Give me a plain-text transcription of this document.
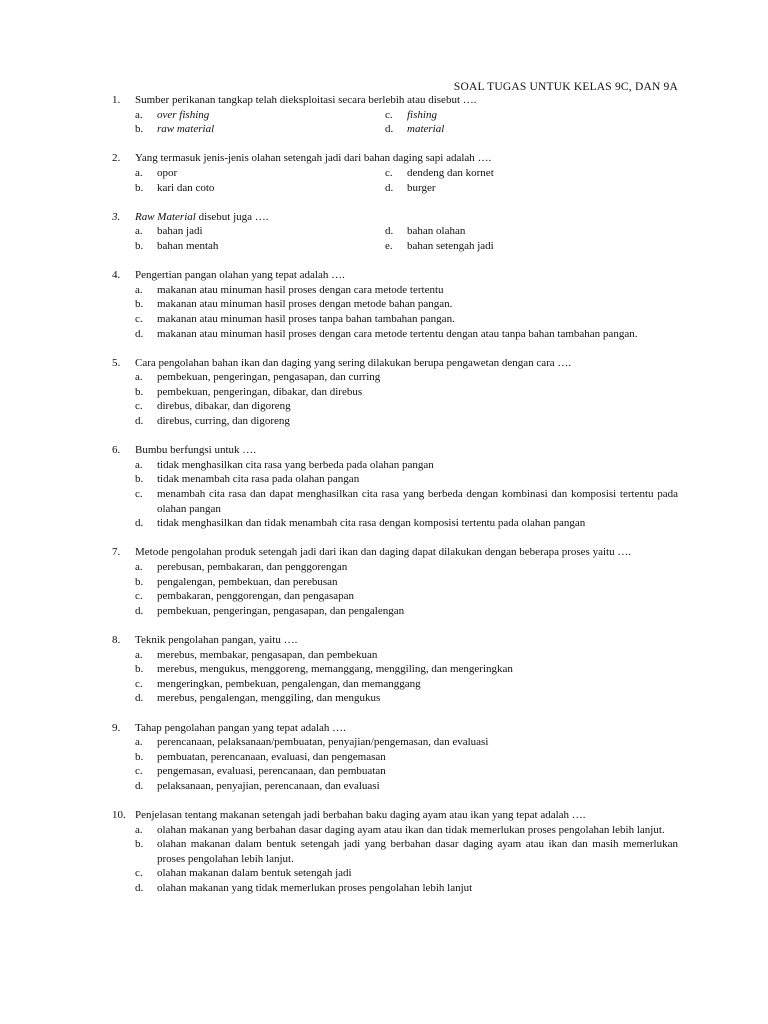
SOAL TUGAS UNTUK KELAS 9C, DAN 9A
1.	Sumber perikanan tangkap telah dieksploitasi secara berlebih atau disebut ….
a.	over fishing	c.	fishing
b.	raw material	d.	material
2.	Yang termasuk jenis-jenis olahan setengah jadi dari bahan daging sapi adalah ….
a.	opor	c.	dendeng dan kornet
b.	kari dan coto	d.	burger
3.	Raw Material disebut juga ….
a.	bahan jadi	d.	bahan olahan
b.	bahan mentah	e.	bahan setengah jadi
4.	Pengertian pangan olahan yang tepat adalah ….
a.	makanan atau minuman hasil proses dengan cara metode tertentu
b.	makanan atau minuman hasil proses dengan metode bahan pangan.
c.	makanan atau minuman hasil proses tanpa bahan tambahan pangan.
d.	makanan atau minuman hasil proses dengan cara metode tertentu dengan atau tanpa bahan tambahan pangan.
5.	Cara pengolahan bahan ikan dan daging yang sering dilakukan berupa pengawetan dengan cara ….
a.	pembekuan, pengeringan, pengasapan, dan curring
b.	pembekuan, pengeringan, dibakar, dan direbus
c.	direbus, dibakar, dan digoreng
d.	direbus, curring, dan digoreng
6.	Bumbu berfungsi untuk ….
a.	tidak menghasilkan cita rasa yang berbeda pada olahan pangan
b.	tidak menambah cita rasa pada olahan pangan
c.	menambah cita rasa dan dapat menghasilkan cita rasa yang berbeda dengan kombinasi dan komposisi tertentu pada olahan pangan
d.	tidak menghasilkan dan tidak menambah cita rasa dengan komposisi tertentu pada olahan pangan
7.	Metode pengolahan produk setengah jadi dari ikan dan daging dapat dilakukan dengan beberapa proses yaitu ….
a.	perebusan, pembakaran, dan penggorengan
b.	pengalengan, pembekuan, dan perebusan
c.	pembakaran, penggorengan, dan pengasapan
d.	pembekuan, pengeringan, pengasapan, dan pengalengan
8.	Teknik pengolahan pangan, yaitu ….
a.	merebus, membakar, pengasapan, dan pembekuan
b.	merebus, mengukus, menggoreng, memanggang, menggiling, dan mengeringkan
c.	mengeringkan, pembekuan, pengalengan, dan memanggang
d.	merebus, pengalengan, menggiling, dan mengukus
9.	Tahap pengolahan pangan yang tepat adalah ….
a.	perencanaan, pelaksanaan/pembuatan, penyajian/pengemasan, dan evaluasi
b.	pembuatan, perencanaan, evaluasi, dan pengemasan
c.	pengemasan, evaluasi, perencanaan, dan pembuatan
d.	pelaksanaan, penyajian, perencanaan, dan evaluasi
10. Penjelasan tentang makanan setengah jadi berbahan baku daging ayam atau ikan yang tepat adalah ….
a.	olahan makanan yang berbahan dasar daging ayam atau ikan dan tidak memerlukan proses pengolahan lebih lanjut.
b.	olahan makanan dalam bentuk setengah jadi yang berbahan dasar daging ayam atau ikan dan masih memerlukan proses pengolahan lebih lanjut.
c.	olahan makanan dalam bentuk setengah jadi
d.	olahan makanan yang tidak memerlukan proses pengolahan lebih lanjut
